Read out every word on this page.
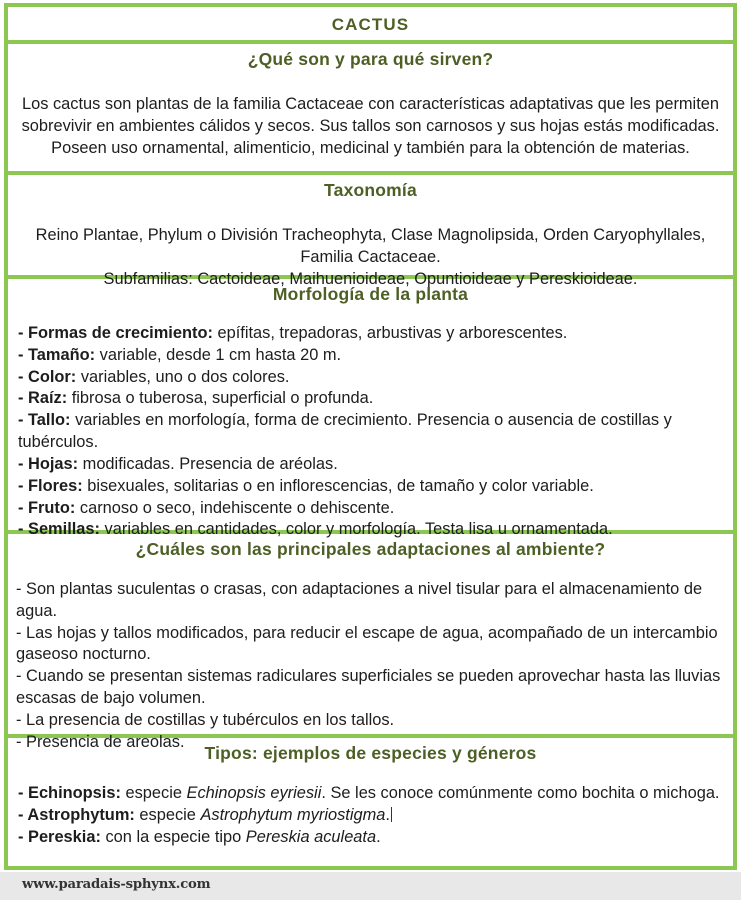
CACTUS
¿Qué son y para qué sirven?
Los cactus son plantas de la familia Cactaceae con características adaptativas que les permiten sobrevivir en ambientes cálidos y secos. Sus tallos son carnosos y sus hojas estás modificadas.
Poseen uso ornamental, alimenticio, medicinal y también para la obtención de materias.
Taxonomía
Reino Plantae, Phylum o División Tracheophyta, Clase Magnolipsida, Orden Caryophyllales, Familia Cactaceae.
Subfamilias: Cactoideae, Maihuenioideae, Opuntioideae y Pereskioideae.
Morfología de la planta
- Formas de crecimiento: epífitas, trepadoras, arbustivas y arborescentes.
- Tamaño: variable, desde 1 cm hasta 20 m.
- Color: variables, uno o dos colores.
- Raíz: fibrosa o tuberosa, superficial o profunda.
- Tallo: variables en morfología, forma de crecimiento. Presencia o ausencia de costillas y tubérculos.
- Hojas: modificadas. Presencia de aréolas.
- Flores: bisexuales, solitarias o en inflorescencias, de tamaño y color variable.
- Fruto: carnoso o seco, indehiscente o dehiscente.
- Semillas: variables en cantidades, color y morfología. Testa lisa u ornamentada.
¿Cuáles son las principales adaptaciones al ambiente?
- Son plantas suculentas o crasas, con adaptaciones a nivel tisular para el almacenamiento de agua.
- Las hojas y tallos modificados, para reducir el escape de agua, acompañado de un intercambio gaseoso nocturno.
- Cuando se presentan sistemas radiculares superficiales se pueden aprovechar hasta las lluvias escasas de bajo volumen.
- La presencia de costillas y tubérculos en los tallos.
- Presencia de areolas.
Tipos: ejemplos de especies y géneros
- Echinopsis: especie Echinopsis eyriesii. Se les conoce comúnmente como bochita o michoga.
- Astrophytum: especie Astrophytum myriostigma.
- Pereskia: con la especie tipo Pereskia aculeata.
www.paradais-sphynx.com
